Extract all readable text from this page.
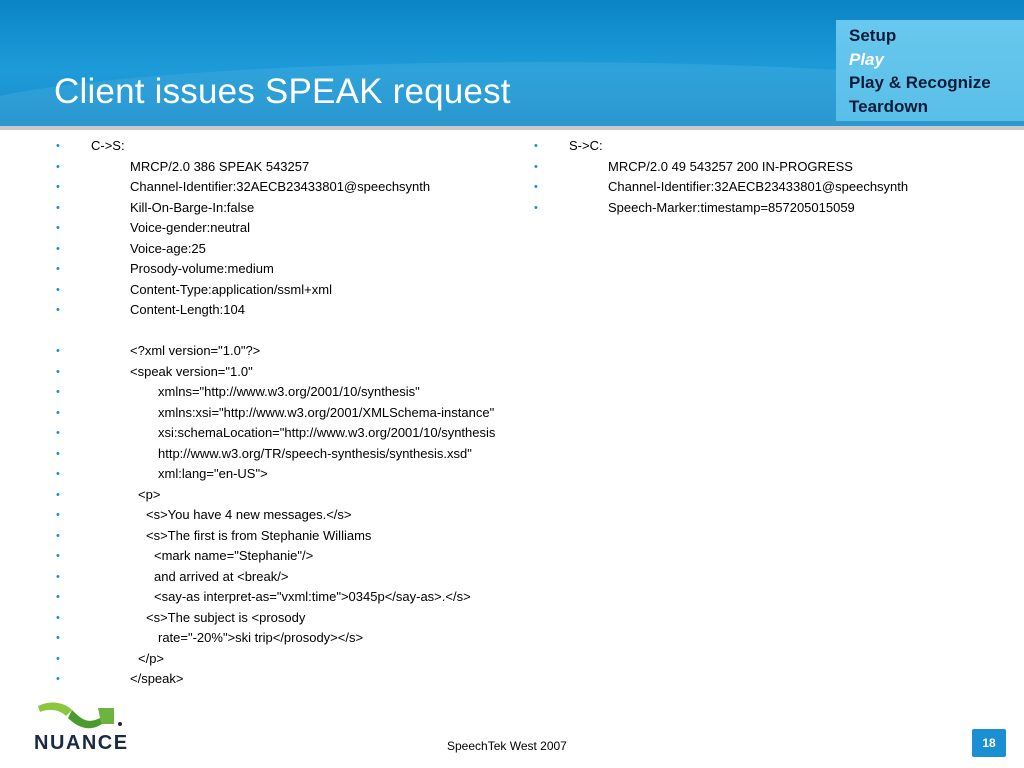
Client issues SPEAK request
Setup
Play
Play & Recognize
Teardown
• C->S:
•	MRCP/2.0 386 SPEAK 543257
•	Channel-Identifier:32AECB23433801@speechsynth
•	Kill-On-Barge-In:false
•	Voice-gender:neutral
•	Voice-age:25
•	Prosody-volume:medium
•	Content-Type:application/ssml+xml
•	Content-Length:104
•	<?xml version="1.0"?>
•	<speak version="1.0"
•	xmlns="http://www.w3.org/2001/10/synthesis"
•	xmlns:xsi="http://www.w3.org/2001/XMLSchema-instance"
•	xsi:schemaLocation="http://www.w3.org/2001/10/synthesis
•	http://www.w3.org/TR/speech-synthesis/synthesis.xsd"
•	xml:lang="en-US">
•	<p>
•	<s>You have 4 new messages.</s>
•	<s>The first is from Stephanie Williams
•	<mark name="Stephanie"/>
•	and arrived at <break/>
•	<say-as interpret-as="vxml:time">0345p</say-as>.</s>
•	<s>The subject is <prosody
•	rate="-20%">ski trip</prosody></s>
•	</p>
•	</speak>
• S->C:
•	MRCP/2.0 49 543257 200 IN-PROGRESS
•	Channel-Identifier:32AECB23433801@speechsynth
•	Speech-Marker:timestamp=857205015059
NUANCE	SpeechTek West 2007	18
